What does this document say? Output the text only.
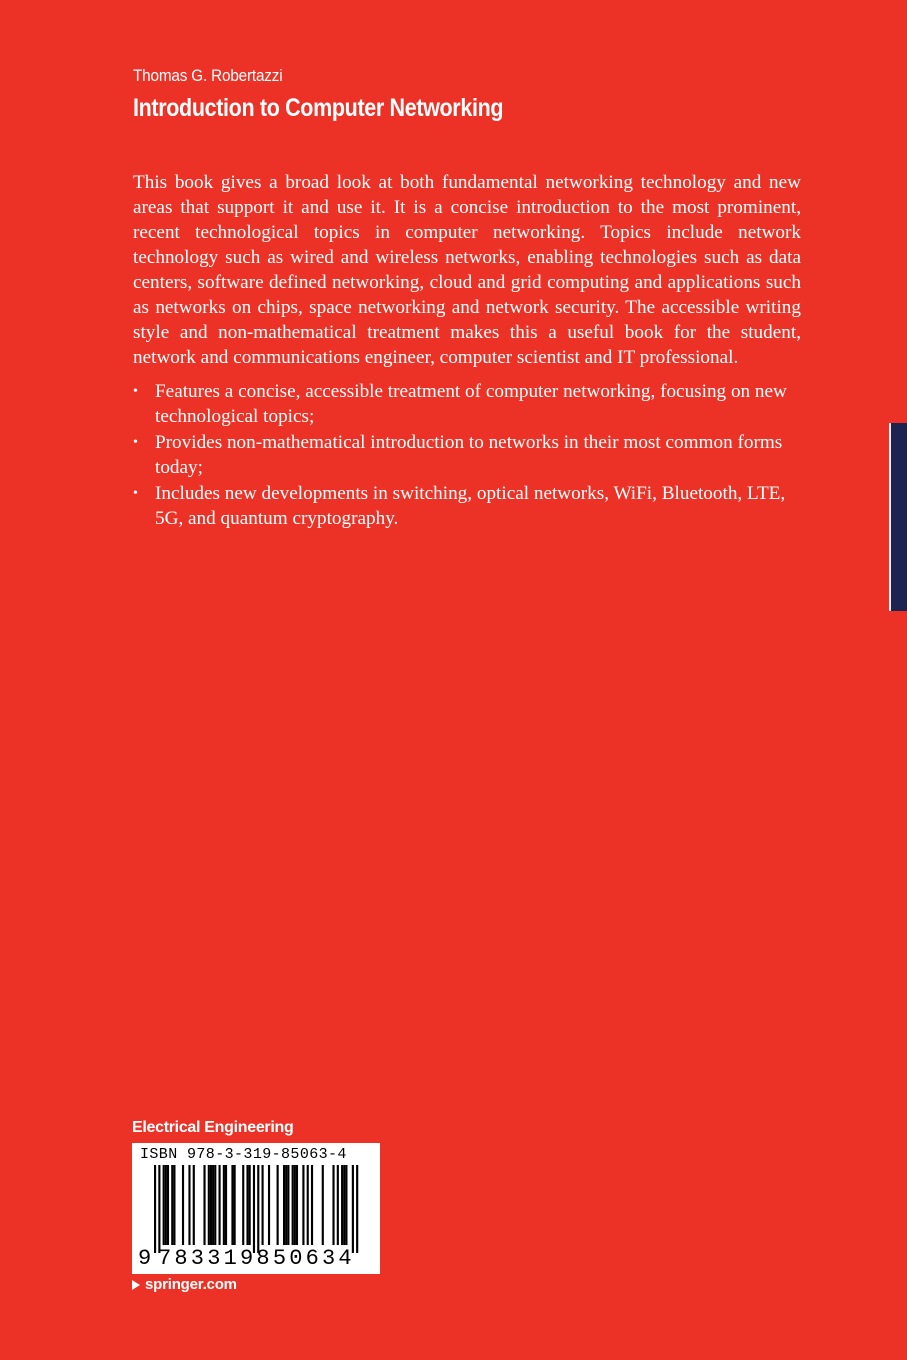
Thomas G. Robertazzi
Introduction to Computer Networking

This book gives a broad look at both fundamental networking technology and new areas that support it and use it. It is a concise introduction to the most prominent, recent technological topics in computer networking. Topics include network technology such as wired and wireless networks, enabling technologies such as data centers, software defined networking, cloud and grid computing and applications such as networks on chips, space networking and network security. The accessible writing style and non-mathematical treatment makes this a useful book for the student, network and communications engineer, computer scientist and IT professional.

• Features a concise, accessible treatment of computer networking, focusing on new technological topics;
• Provides non-mathematical introduction to networks in their most common forms today;
• Includes new developments in switching, optical networks, WiFi, Bluetooth, LTE, 5G, and quantum cryptography.
Electrical Engineering
ISBN 978-3-319-85063-4
9 783319850634
springer.com
